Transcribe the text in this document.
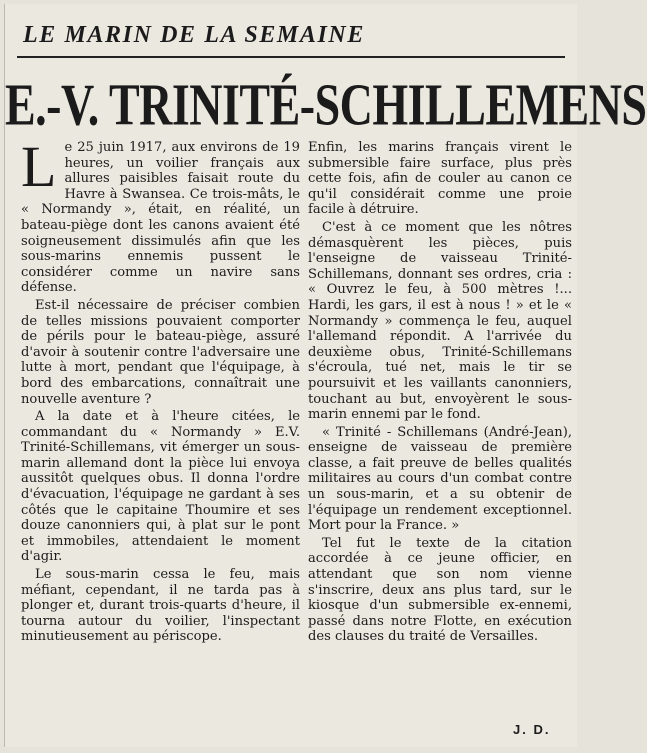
LE MARIN DE LA SEMAINE
E.-V. TRINITÉ-SCHILLEMENS

Le 25 juin 1917, aux environs de 19 heures, un voilier français aux allures paisibles faisait route du Havre à Swansea. Ce trois-mâts, le « Normandy », était, en réalité, un bateau-piège dont les canons avaient été soigneusement dissimulés afin que les sous-marins ennemis pussent le considérer comme un navire sans défense.

Est-il nécessaire de préciser combien de telles missions pouvaient comporter de périls pour le bateau-piège, assuré d'avoir à soutenir contre l'adversaire une lutte à mort, pendant que l'équipage, à bord des embarcations, connaîtrait une nouvelle aventure ?

A la date et à l'heure citées, le commandant du « Normandy » E.V. Trinité-Schillemans, vit émerger un sous-marin allemand dont la pièce lui envoya aussitôt quelques obus. Il donna l'ordre d'évacuation, l'équipage ne gardant à ses côtés que le capitaine Thoumire et ses douze canonniers qui, à plat sur le pont et immobiles, attendaient le moment d'agir.

Le sous-marin cessa le feu, mais méfiant, cependant, il ne tarda pas à plonger et, durant trois-quarts d'heure, il tourna autour du voilier, l'inspectant minutieusement au périscope.

Enfin, les marins français virent le submersible faire surface, plus près cette fois, afin de couler au canon ce qu'il considérait comme une proie facile à détruire.

C'est à ce moment que les nôtres démasquèrent les pièces, puis l'enseigne de vaisseau Trinité-Schillemans, donnant ses ordres, cria : « Ouvrez le feu, à 500 mètres !... Hardi, les gars, il est à nous ! » et le « Normandy » commença le feu, auquel l'allemand répondit. A l'arrivée du deuxième obus, Trinité-Schillemans s'écroula, tué net, mais le tir se poursuivit et les vaillants canonniers, touchant au but, envoyèrent le sous-marin ennemi par le fond.

« Trinité - Schillemans (André-Jean), enseigne de vaisseau de première classe, a fait preuve de belles qualités militaires au cours d'un combat contre un sous-marin, et a su obtenir de l'équipage un rendement exceptionnel. Mort pour la France. »

Tel fut le texte de la citation accordée à ce jeune officier, en attendant que son nom vienne s'inscrire, deux ans plus tard, sur le kiosque d'un submersible ex-ennemi, passé dans notre Flotte, en exécution des clauses du traité de Versailles.

J. D.
